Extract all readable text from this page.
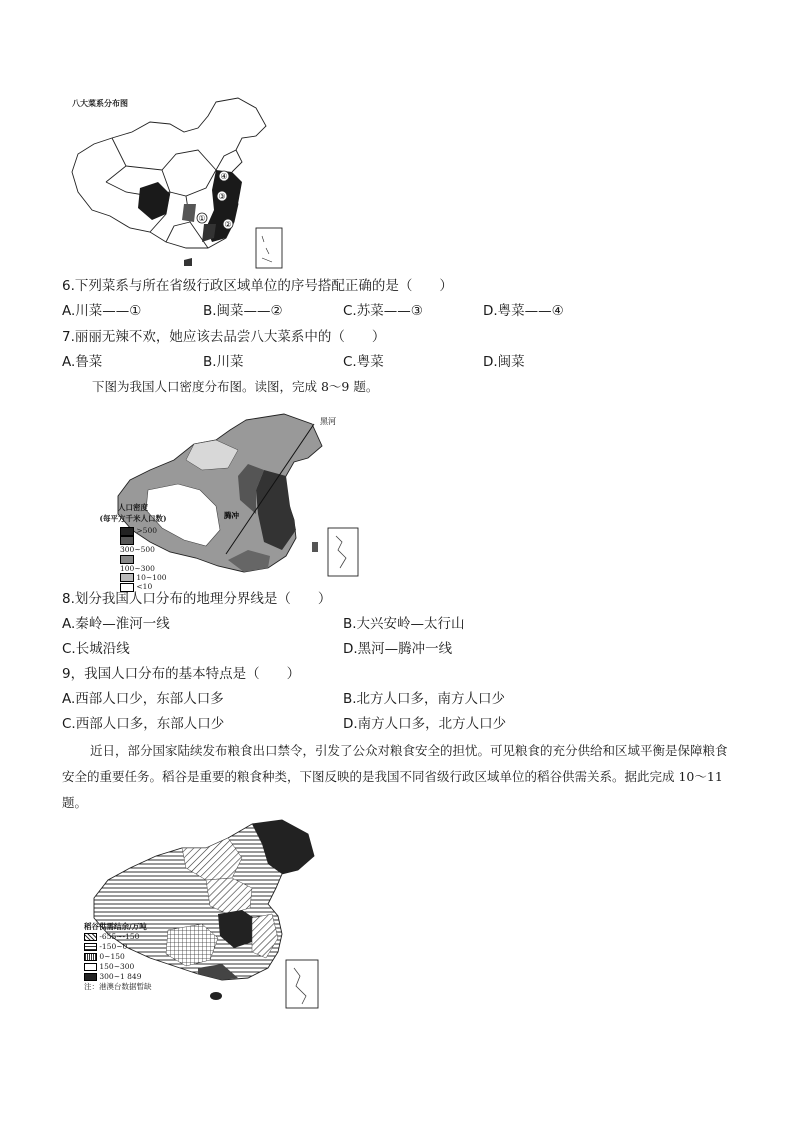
八大菜系分布图
④
③
②
①
6.下列菜系与所在省级行政区域单位的序号搭配正确的是（　　）
A.川菜——①	B.闽菜——②	C.苏菜——③	D.粤菜——④
7.丽丽无辣不欢，她应该去品尝八大菜系中的（　　）
A.鲁菜	B.川菜	C.粤菜	D.闽菜
下图为我国人口密度分布图。读图，完成 8～9 题。
黑河
腾冲
人口密度
(每平方千米人口数)
>500
300~500
100~300
10~100
<10
8.划分我国人口分布的地理分界线是（　　）
A.秦岭—淮河一线	B.大兴安岭—太行山
C.长城沿线	D.黑河—腾冲一线
9，我国人口分布的基本特点是（　　）
A.西部人口少，东部人口多	B.北方人口多，南方人口少
C.西部人口多，东部人口少	D.南方人口多，北方人口少
近日，部分国家陆续发布粮食出口禁令，引发了公众对粮食安全的担忧。可见粮食的充分供给和区域平衡是保障粮食安全的重要任务。稻谷是重要的粮食种类，下图反映的是我国不同省级行政区域单位的稻谷供需关系。据此完成 10～11 题。
稻谷供需结余/万吨
-655~-150
-150~0
0~150
150~300
300~1 849
注：港澳台数据暂缺
